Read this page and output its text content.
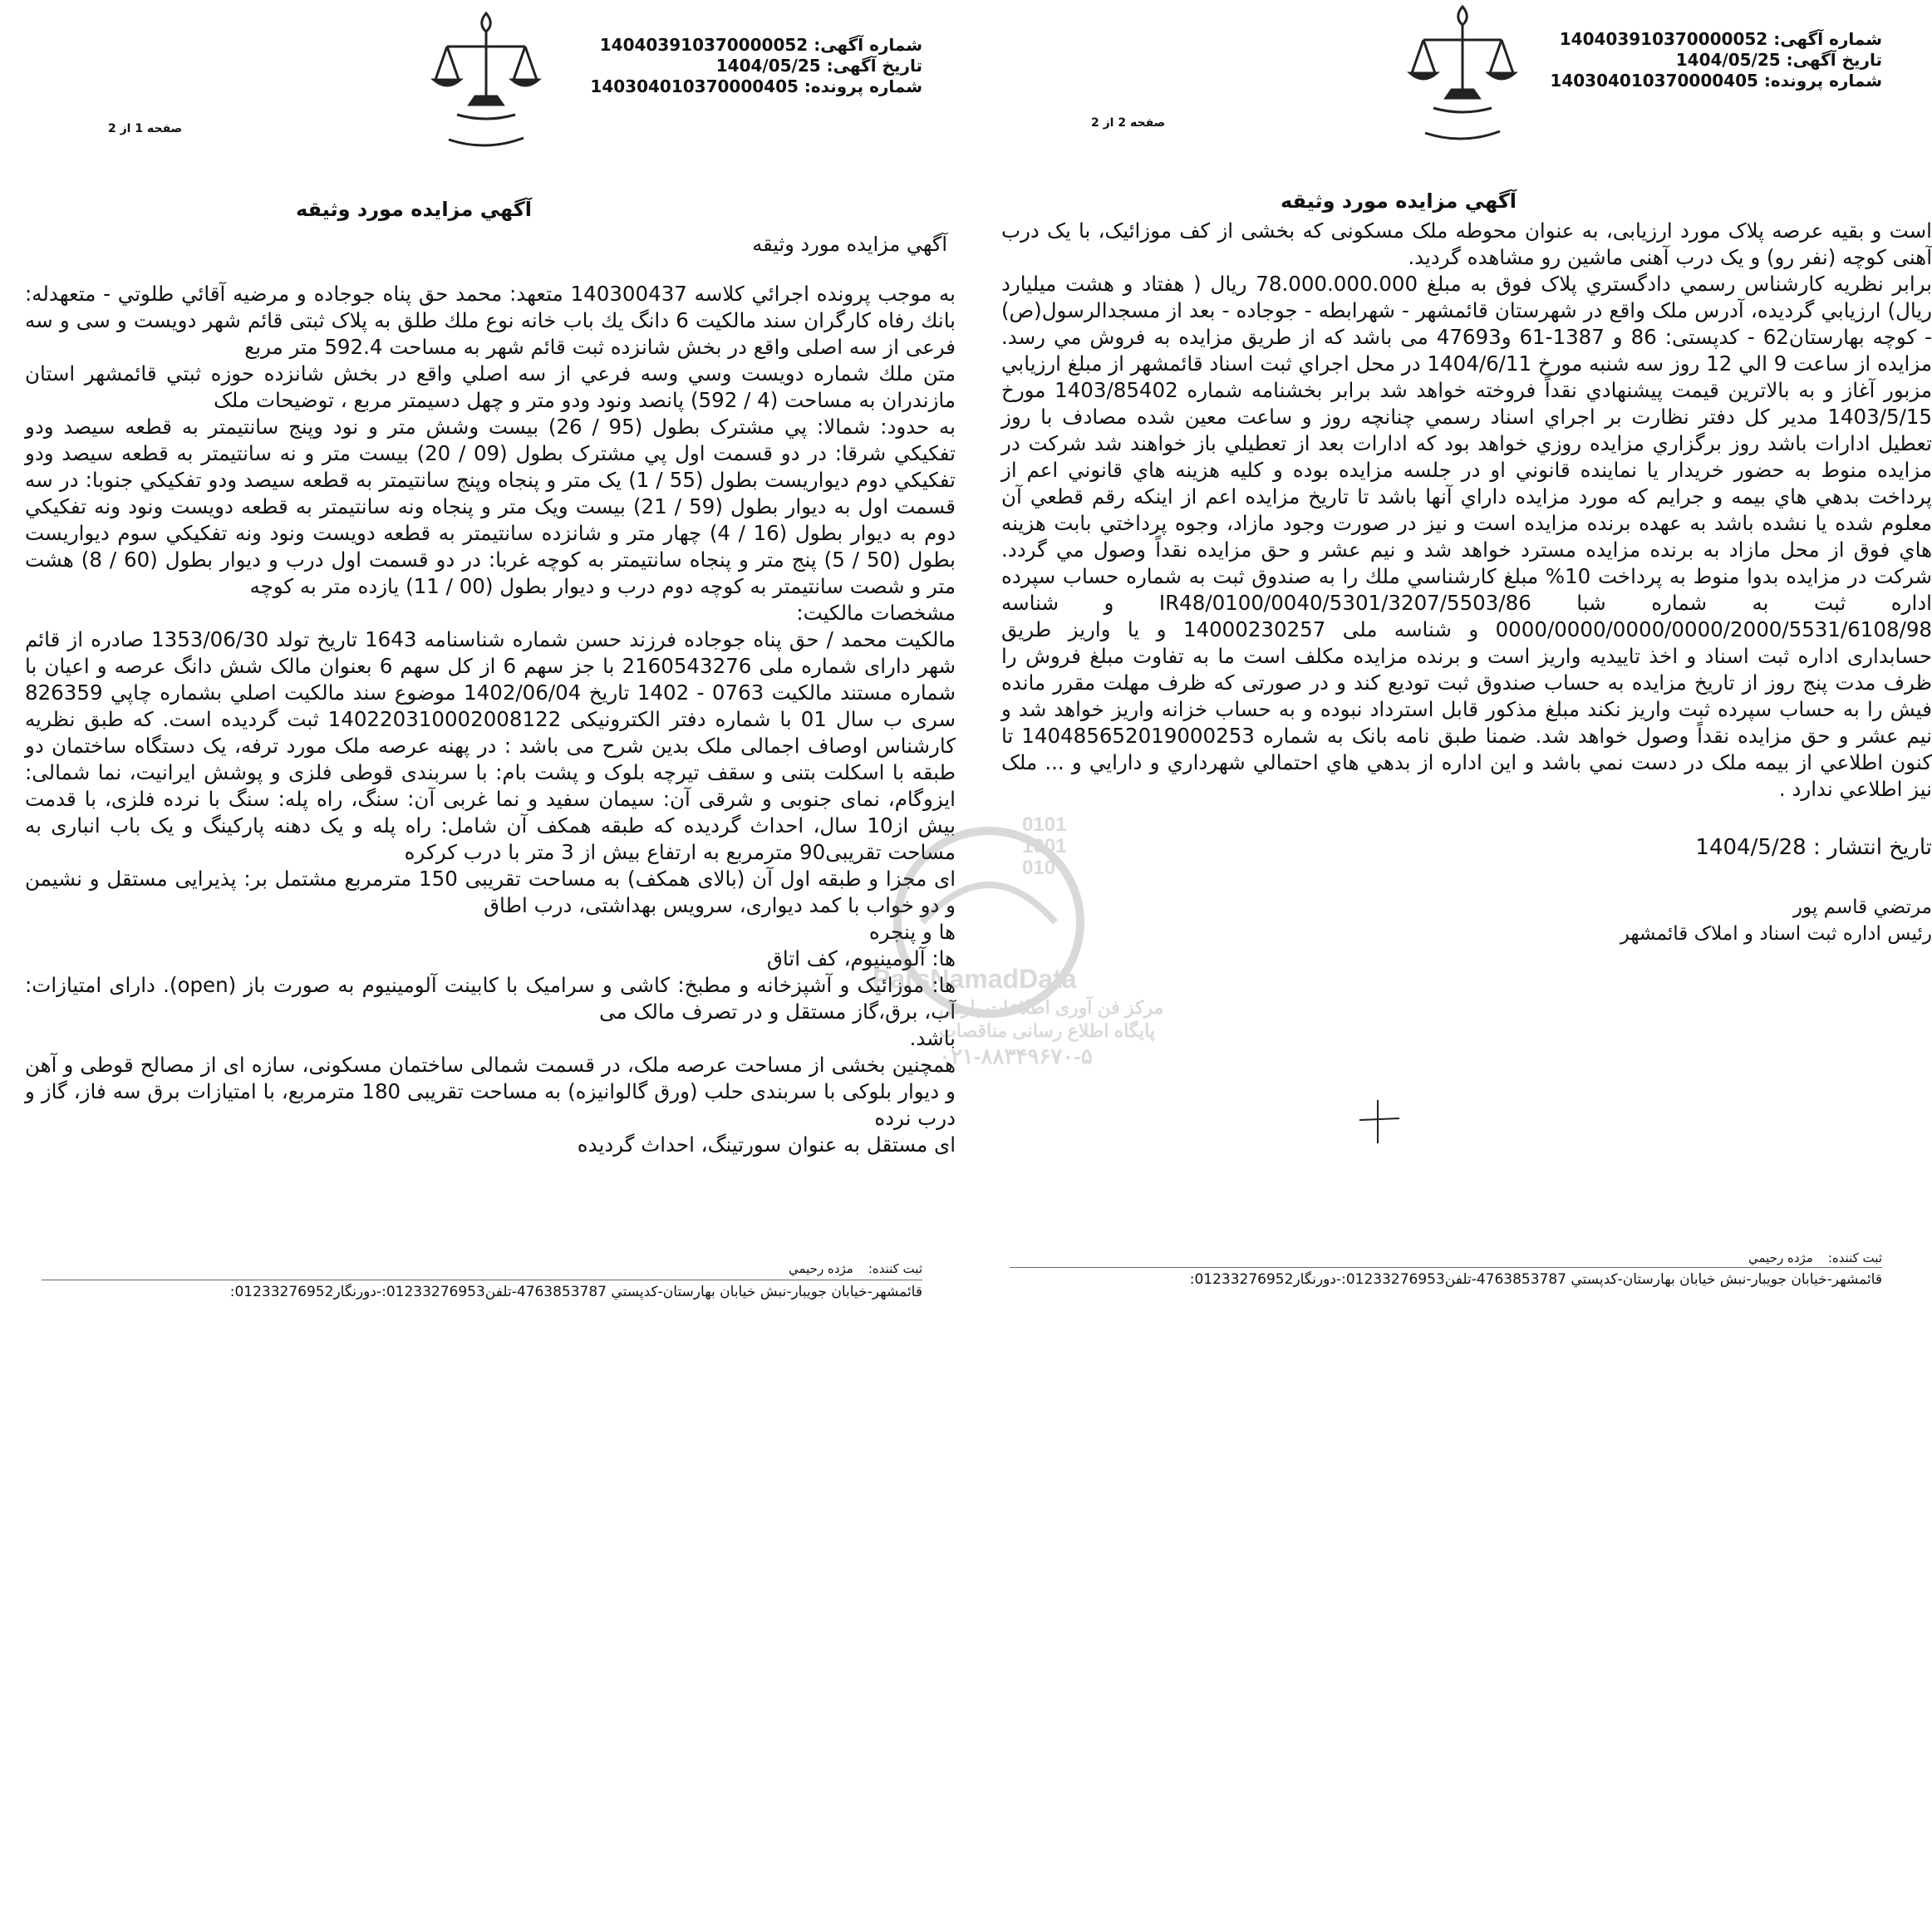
شماره آگهی: 140403910370000052
تاریخ آگهی: 1404/05/25
شماره پرونده: 140304010370000405
صفحه 1 از 2
آگهي مزايده مورد وثيقه
آگهي مزايده مورد وثيقه

به موجب پرونده اجرائي كلاسه 140300437 متعهد: محمد حق پناه جوجاده و مرضيه آقائي طلوتي - متعهدله: بانك رفاه كارگران سند مالكيت 6 دانگ يك باب خانه نوع ملك طلق به پلاک ثبتی قائم شهر دویست و سی و سه فرعی از سه اصلی واقع در بخش شانزده ثبت قائم شهر به مساحت 592.4 متر مربع

متن ملك شماره دويست وسي وسه فرعي از سه اصلي واقع در بخش شانزده حوزه ثبتي قائمشهر استان مازندران به مساحت (4 / 592) پانصد ونود ودو متر و چهل دسيمتر مربع ، توضيحات ملک

به حدود: شمالا: پي مشترک بطول (95 / 26) بيست وشش متر و نود وپنج سانتيمتر به قطعه سيصد ودو تفکيکي شرقا: در دو قسمت اول پي مشترک بطول (09 / 20) بيست متر و نه سانتيمتر به قطعه سيصد ودو تفکيکي دوم ديواريست بطول (55 / 1) يک متر و پنجاه وپنج سانتيمتر به قطعه سيصد ودو تفکيکي جنوبا: در سه قسمت اول به ديوار بطول (59 / 21) بيست ويک متر و پنجاه ونه سانتيمتر به قطعه دويست ونود ونه تفکيکي دوم به ديوار بطول (16 / 4) چهار متر و شانزده سانتيمتر به قطعه دويست ونود ونه تفکيکي سوم ديواريست بطول (50 / 5) پنج متر و پنجاه سانتيمتر به کوچه غربا: در دو قسمت اول درب و ديوار بطول (60 / 8) هشت متر و شصت سانتيمتر به کوچه دوم درب و ديوار بطول (00 / 11) يازده متر به کوچه

مشخصات مالکيت:

مالکيت محمد / حق پناه جوجاده فرزند حسن شماره شناسنامه 1643 تاريخ تولد 1353/06/30 صادره از قائم شهر دارای شماره ملی 2160543276 با جز سهم 6 از کل سهم 6 بعنوان مالک شش دانگ عرصه و اعيان با شماره مستند مالکيت 0763 - 1402 تاريخ 1402/06/04 موضوع سند مالکيت اصلي بشماره چاپي 826359 سری ب سال 01 با شماره دفتر الکترونيکی 140220310002008122 ثبت گرديده است. که طبق نظریه کارشناس اوصاف اجمالی ملک بدین شرح می باشد : در پهنه عرصه ملک مورد ترفه، یک دستگاه ساختمان دو طبقه با اسکلت بتنی و سقف تیرچه بلوک و پشت بام: با سربندی قوطی فلزی و پوشش ایرانیت، نما شمالی: ایزوگام، نمای جنوبی و شرقی آن: سیمان سفید و نما غربی آن: سنگ، راه پله: سنگ با نرده فلزی، با قدمت بیش از10 سال، احداث گردیده که طبقه همکف آن شامل: راه پله و یک دهنه پارکینگ و یک باب انباری به مساحت تقریبی90 مترمربع به ارتفاع بیش از 3 متر با درب کرکره

ای مجزا و طبقه اول آن (بالای همکف) به مساحت تقریبی 150 مترمربع مشتمل بر: پذیرایی مستقل و نشیمن و دو خواب با کمد دیواری، سرویس بهداشتی، درب اطاق

ها و پنجره

ها: آلومینیوم، کف اتاق

ها: موزائیک و آشپزخانه و مطبخ: کاشی و سرامیک با کابینت آلومینیوم به صورت باز (open). دارای امتیازات: آب، برق،گاز مستقل و در تصرف مالک می

باشد.

همچنین بخشی از مساحت عرصه ملک، در قسمت شمالی ساختمان مسکونی، سازه ای از مصالح قوطی و آهن و دیوار بلوکی با سربندی حلب (ورق گالوانیزه) به مساحت تقریبی 180 مترمربع، با امتیازات برق سه فاز، گاز و درب نرده

ای مستقل به عنوان سورتینگ، احداث گردیده

ثبت كننده:مژده رحيمي
قائمشهر-خيابان جويبار-نبش خيابان بهارستان-كدپستي 4763853787-تلفن01233276953:-دورنگار01233276952:
شماره آگهی: 140403910370000052
تاریخ آگهی: 1404/05/25
شماره پرونده: 140304010370000405
صفحه 2 از 2
آگهي مزايده مورد وثيقه

است و بقیه عرصه پلاک مورد ارزیابی، به عنوان محوطه ملک مسکونی که بخشی از کف موزائیک، با یک درب آهنی کوچه (نفر رو) و یک درب آهنی ماشین رو مشاهده گردید.

برابر نظريه كارشناس رسمي دادگستري پلاک فوق به مبلغ 78.000.000.000 ريال ( هفتاد و هشت میلیارد ریال) ارزيابي گرديده، آدرس ملک واقع در شهرستان قائمشهر - شهرابطه - جوجاده - بعد از مسجدالرسول(ص) - کوچه بهارستان62 - کدپستی: 86 و 1387-61 و47693 می باشد که از طريق مزايده به فروش مي رسد. مزايده از ساعت 9 الي 12 روز سه شنبه مورخ 1404/6/11 در محل اجراي ثبت اسناد قائمشهر از مبلغ ارزيابي مزبور آغاز و به بالاترين قيمت پيشنهادي نقداً فروخته خواهد شد برابر بخشنامه شماره 1403/85402 مورخ 1403/5/15 مدير كل دفتر نظارت بر اجراي اسناد رسمي چنانچه روز و ساعت معين شده مصادف با روز تعطيل ادارات باشد روز برگزاري مزايده روزي خواهد بود كه ادارات بعد از تعطيلي باز خواهند شد شركت در مزايده منوط به حضور خريدار يا نماينده قانوني او در جلسه مزايده بوده و كليه هزينه هاي قانوني اعم از پرداخت بدهي هاي بيمه و جرايم كه مورد مزايده داراي آنها باشد تا تاريخ مزايده اعم از اينكه رقم قطعي آن معلوم شده يا نشده باشد به عهده برنده مزايده است و نيز در صورت وجود مازاد، وجوه پرداختي بابت هزينه هاي فوق از محل مازاد به برنده مزايده مسترد خواهد شد و نيم عشر و حق مزايده نقداً وصول مي گردد. شركت در مزايده بدوا منوط به پرداخت 10% مبلغ كارشناسي ملك را به صندوق ثبت به شماره حساب سپرده اداره ثبت به شماره شبا IR48/0100/0040/5301/3207/5503/86 و شناسه 0000/0000/0000/0000/2000/5531/6108/98 و شناسه ملی 14000230257 و یا واریز طریق حسابداری اداره ثبت اسناد و اخذ تاییدیه واریز است و برنده مزايده مكلف است ما به تفاوت مبلغ فروش را ظرف مدت پنج روز از تاريخ مزايده به حساب صندوق ثبت توديع كند و در صورتی كه ظرف مهلت مقرر مانده فيش را به حساب سپرده ثبت واريز نكند مبلغ مذكور قابل استرداد نبوده و به حساب خزانه واريز خواهد شد و نيم عشر و حق مزايده نقداً وصول خواهد شد. ضمنا طبق نامه بانک به شماره 140485652019000253 تا کنون اطلاعي از بيمه ملک در دست نمي باشد و اين اداره از بدهي هاي احتمالي شهرداري و دارايي و ... ملک نيز اطلاعي ندارد .

تاريخ انتشار : 1404/5/28

مرتضي قاسم پور

رئيس اداره ثبت اسناد و املاک قائمشهر

ثبت كننده:مژده رحيمي
قائمشهر-خيابان جويبار-نبش خيابان بهارستان-كدپستي 4763853787-تلفن01233276953:-دورنگار01233276952:
0101 1001 010
ParsNamadData
مرکز فن آوری اطلاعات پارس
پایگاه اطلاع رسانی مناقصات
۰۲۱-۸۸۳۴۹۶۷۰-۵
